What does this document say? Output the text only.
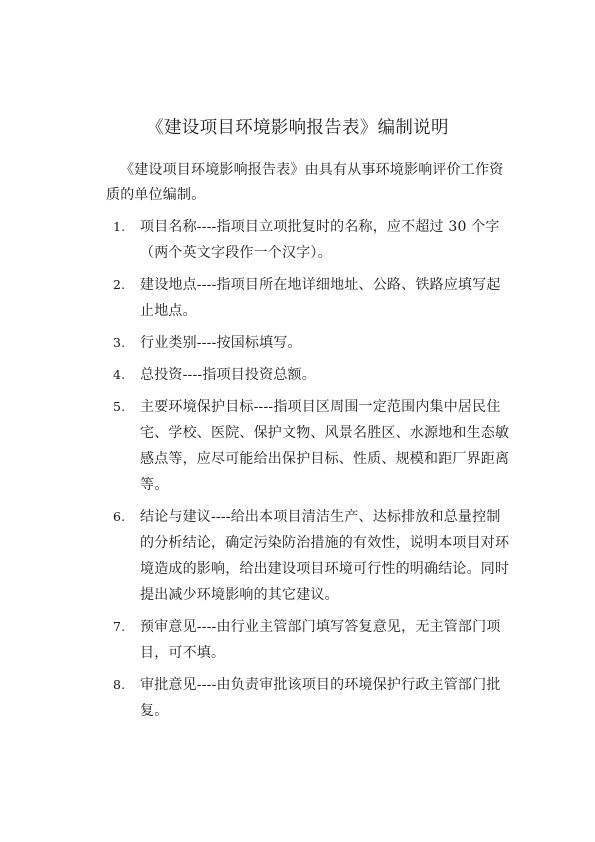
《建设项目环境影响报告表》编制说明
《建设项目环境影响报告表》由具有从事环境影响评价工作资质的单位编制。
1.	项目名称----指项目立项批复时的名称，应不超过 30 个字（两个英文字段作一个汉字）。
2.	建设地点----指项目所在地详细地址、公路、铁路应填写起止地点。
3.	行业类别----按国标填写。
4.	总投资----指项目投资总额。
5.	主要环境保护目标----指项目区周围一定范围内集中居民住宅、学校、医院、保护文物、风景名胜区、水源地和生态敏感点等，应尽可能给出保护目标、性质、规模和距厂界距离等。
6.	结论与建议----给出本项目清洁生产、达标排放和总量控制的分析结论，确定污染防治措施的有效性，说明本项目对环境造成的影响，给出建设项目环境可行性的明确结论。同时提出减少环境影响的其它建议。
7.	预审意见----由行业主管部门填写答复意见，无主管部门项目，可不填。
8.	审批意见----由负责审批该项目的环境保护行政主管部门批复。
